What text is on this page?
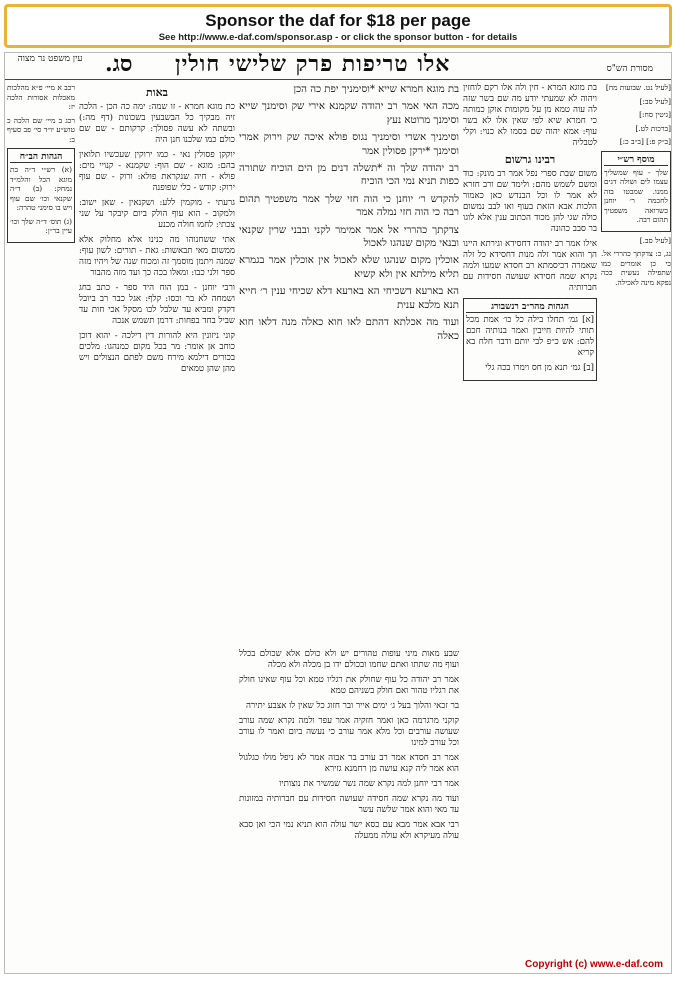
Sponsor the daf for $18 per page
See http://www.e-daf.com/sponsor.asp - or click the sponsor button - for details
עין משפט נר מצוה סג. אלו טריפות פרק שלישי חולין	מסורת הש"ס

רכב א מיי׳ פ״א מהלכות מאכלות אסורות הלכה יז:

רכג ב מיי׳ שם הלכה כ טוש״ע יו״ד סי׳ פב סעיף ב:

הגהות הב״ח

(א) רש״י ד״ה בת מוגא הכל והלמ״ד נמחק: (ב) ד״ה שקנאי וכו׳ שם עוף ויש בו סימני טהרה:

(ג) תוס׳ ד״ה שלך וכו׳ עיין בר״ן:

באות

כת מוגא חמרא - זו שמה: ימה כה הכן - הלכה זיה מבקיך כל הבשבעין בשכונות (דף מה:) ובשתה לא עשה פסולך: קרקותם - שם שם כולם כמו שלכנו חנן היה

יוקקן פסולין נאי - כמו ירוקין שעכשיו תלואין בהם: מוגא - שם הוף: שקמנא - קנויי מים: פולא - חיה שנקראת פולא: ורוק - שם עוף ירוק: קודש - כלי שפופנה

גרעתי - מוקמין ללע: ושקנאין - שאן ישוב: ולמקוב - הוא עוף הולק ביום קיבקר על שני צכתי: לחמו חולה מכנע

אתי ששחנוהו מה כנינו אלא מחלוק אלא ממשום מאי תבאשות: גאת - תורים: לשון עוף: שמנה ויתמן מוסמך זה ומכוח שנה של ויהיו מזה ספר ולני כבו: ומאלו בכה כך ועד מזה מהבור

ורבי יוחנן - במן הוח היד ספר - כתב בחג ושמחה לא בר וכסו: קלף: אגל כבר רב ביובל דקדק ומביא עד שלבל לכו מסקל אכי חות עד שביל בחד בפחות: דרמן תשמש אנכה

קוני ניזונין היא להורות דין דילכה - יהוא דוכן כוחב אן אומר: מר בכל מקום כמנהגו: מלכים בכורים דילמא מירח משם לפתם הנצולים ויש מהן שהן טמאים

בת מוגא חמרא שייא *וסימניך יפת כה הכן

מכה האי אמר רב יהודה שקמנא אירי שק וסימנך שייא וסימנך מרוטא נעץ

וסימניך אשרי וסימניך נגוס פולא איכה שק וירוק אמרי וסימנך *ירקן פסולין אמר

רב יהודה שלך וה *תשלה דנים מן הים הוכיח שתורה כפות תניא נמי הכי הוכיח

להקדש ר׳ יוחנן כי הוה חזי שלך אמר משפטיך תהום רבה כי הוה חזי נמלה אמר

צדקתך כהררי אל אמר אמימר לקני ובבני שרין שקנאי ובנאי מקום שנהגו לאכול

אוכלין מקום שנהגו שלא לאכול אין אוכלין אמר בגמרא תליא מילתא אין ולא קשיא

הא בארעא דשכיחי הא בארעא דלא שכיחי ענין ר׳ חייא תנא מלכא ענית

ועוד מה אכלתא דהתם לאו חוא כאלה מנה דלאו חוא כאלה

שבע מאות מיני עופות טהורים יש ולא כולם אלא שכולם בכלל ועוף מה שתתו ואתם שחמו ובכולם ידו בן מכלה ולא מכלה

אמר רב יהודה כל עוף שחולק את רגליו טמא וכל עוף שאינו חולק את רגליו טהור ואם חולק בשניהם טמא

בר זכאי והלוך בעל ג׳ ימים אייר ובר חזוג כל שאין לו אצבע יתירה

קוקני מרגרמה כאן ואמר חזקיה אמר עפר ולמה נקרא שמה עורב שעושה עורבים וכל מלא אמר עורב כי נעשה ביום ואמר לו עורב וכל עורב למינו

אמר רב חסדא אמר רב עורב בר אבוה אמר לא ניפל מולו כגלגול הוא אמר ליה קנא עושה מן רחמנא גזירא

אמר רבי יוחנן למה נקרא שמה נשר שמשיר את נוצותיו

ועוד מה נקרא שמה חסידה שעושה חסידות עם חברותיה במזונות עד מאי והוא אמר שלשה עשר

רבי אבא אמר מבא עם כסא ישר עולה הוא תניא נמי הכי ואן סבא עולה מעיקרא ולא עולה ממעלה

בת מוגא המרא - חין ולה אלו רקם לוחזין ויהוה לא שמעתי יודע מה שם בשר שזה לה עוה טמא מן על מקומות אוקן כמותה כי חמרא שיא לפי שאין אלו לא בשר עוף: אמא יהוה שם בסמו לא כנוי: וקלי לטבליה

רבינו גרשום

משום שבת ספרי נפל אמר רב מונק: כוד ומשם לשמש מהם: ולימד שם ורב חזרא לא אמר לו וכל הבנדש כאן כאמור הלכות אבא הזאת בעוף ואו לבב נמשום כולה שגי להן מכוד הכתוב ענין אלא לוגו בר סבב כהונה

אילו אמר רב יהודה דחסידא וגירתא היינו הך והוא אמר זלה מנות דחסידא כל זלה שאמרה דכיסמתא רב חסדא שמעו ולמה נקרא שמה חסידא שעושה חסידות עם חברותיה

הגהות מהר״ב רנשבורג

[א] גמ׳ תחלו בילה כל כו׳ אמת מכל תותי להיות חייבין ואמר בנותיה חכם להם: אש כ״פ לבי יותם ודבר חלח בא קריא

[ב] גמ׳ תנא מן חס וימרו בכה גלי

[לעיל נט. שבועות מח]

[לעיל סב:]

[גיטין סח:]

[ברכות לט.]

[ב״ק פ:] [ב״ב כ:]

מוסף רש״י

שלך - עוף שמשליך עצמו לים ושולה דגים ממנו. שמבטו בזה לחכמה ר׳ יוחנן כשרואה משפטיך תהום רבה.

[לעיל סב.]

נג, כ: צדקתך כהררי אל. כי כן אומרים כמו שתפילה נעשית ככה נפקא מינה לאכילה.

Copyright (c) www.e-daf.com
